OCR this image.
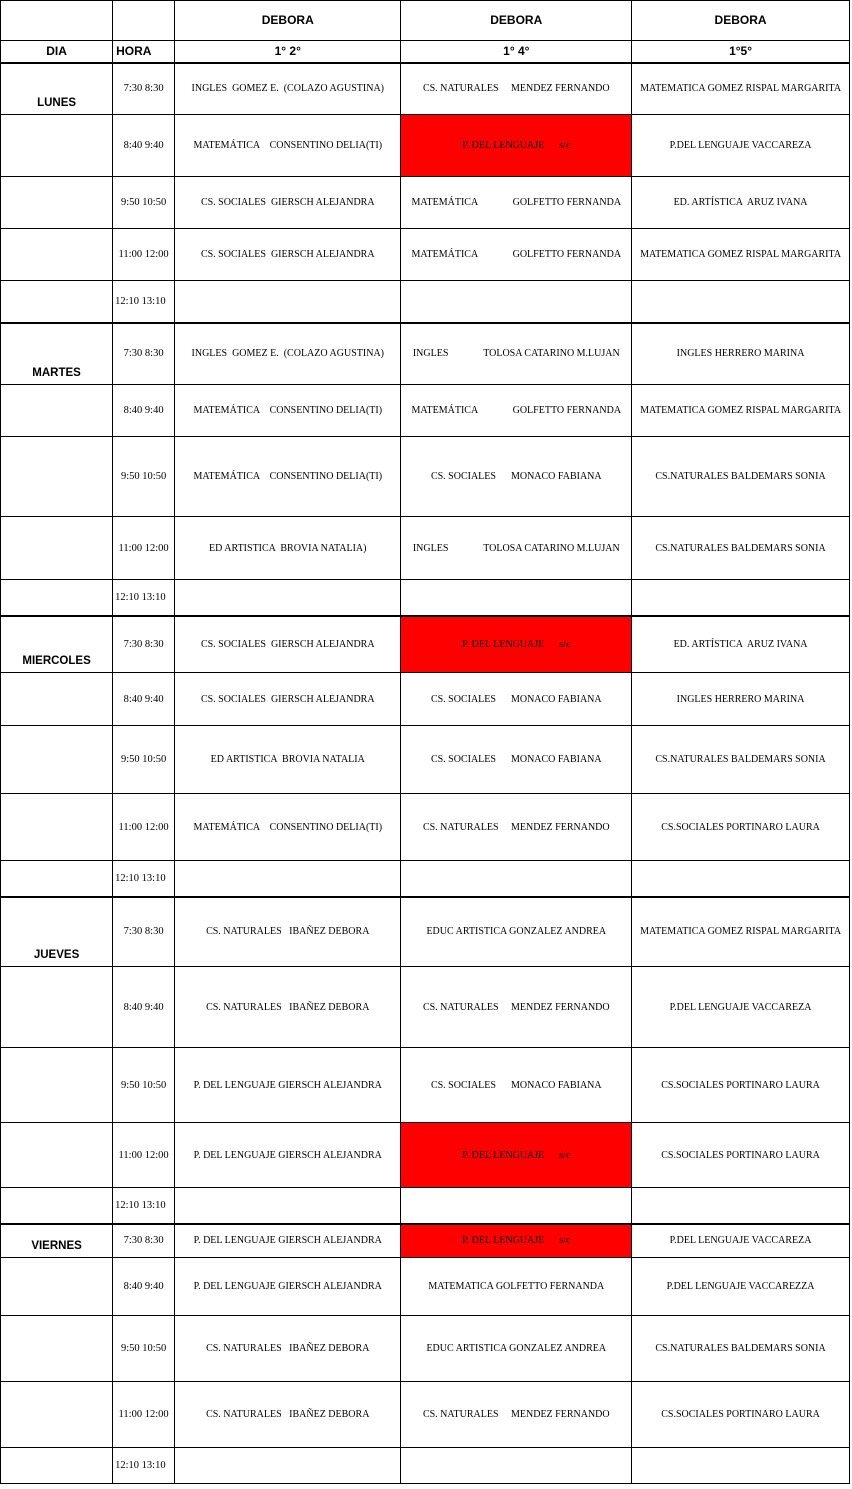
		DEBORA	DEBORA	DEBORA
DIA	HORA	1° 2°	1° 4°	1°5°
LUNES	7:30 8:30	INGLES  GOMEZ E.  (COLAZO AGUSTINA)	CS. NATURALES     MENDEZ FERNANDO	MATEMATICA GOMEZ RISPAL MARGARITA
	8:40 9:40	MATEMÁTICA    CONSENTINO DELIA(TI)	P. DEL LENGUAJE      s/c	P.DEL LENGUAJE VACCAREZA
	9:50 10:50	CS. SOCIALES  GIERSCH ALEJANDRA	MATEMÁTICA              GOLFETTO FERNANDA	ED. ARTÍSTICA  ARUZ IVANA
	11:00 12:00	CS. SOCIALES  GIERSCH ALEJANDRA	MATEMÁTICA              GOLFETTO FERNANDA	MATEMATICA GOMEZ RISPAL MARGARITA
	12:10 13:10			
MARTES	7:30 8:30	INGLES  GOMEZ E.  (COLAZO AGUSTINA)	INGLES              TOLOSA CATARINO M.LUJAN	INGLES HERRERO MARINA
	8:40 9:40	MATEMÁTICA    CONSENTINO DELIA(TI)	MATEMÁTICA              GOLFETTO FERNANDA	MATEMATICA GOMEZ RISPAL MARGARITA
	9:50 10:50	MATEMÁTICA    CONSENTINO DELIA(TI)	CS. SOCIALES      MONACO FABIANA	CS.NATURALES BALDEMARS SONIA
	11:00 12:00	ED ARTISTICA  BROVIA NATALIA)	INGLES              TOLOSA CATARINO M.LUJAN	CS.NATURALES BALDEMARS SONIA
	12:10 13:10			
MIERCOLES	7:30 8:30	CS. SOCIALES  GIERSCH ALEJANDRA	P. DEL LENGUAJE      s/c	ED. ARTÍSTICA  ARUZ IVANA
	8:40 9:40	CS. SOCIALES  GIERSCH ALEJANDRA	CS. SOCIALES      MONACO FABIANA	INGLES HERRERO MARINA
	9:50 10:50	ED ARTISTICA  BROVIA NATALIA	CS. SOCIALES      MONACO FABIANA	CS.NATURALES BALDEMARS SONIA
	11:00 12:00	MATEMÁTICA    CONSENTINO DELIA(TI)	CS. NATURALES     MENDEZ FERNANDO	CS.SOCIALES PORTINARO LAURA
	12:10 13:10			
JUEVES	7:30 8:30	CS. NATURALES   IBAÑEZ DEBORA	EDUC ARTISTICA GONZALEZ ANDREA	MATEMATICA GOMEZ RISPAL MARGARITA
	8:40 9:40	CS. NATURALES   IBAÑEZ DEBORA	CS. NATURALES     MENDEZ FERNANDO	P.DEL LENGUAJE VACCAREZA
	9:50 10:50	P. DEL LENGUAJE GIERSCH ALEJANDRA	CS. SOCIALES      MONACO FABIANA	CS.SOCIALES PORTINARO LAURA
	11:00 12:00	P. DEL LENGUAJE GIERSCH ALEJANDRA	P. DEL LENGUAJE      s/c	CS.SOCIALES PORTINARO LAURA
	12:10 13:10			
VIERNES	7:30 8:30	P. DEL LENGUAJE GIERSCH ALEJANDRA	P. DEL LENGUAJE      s/c	P.DEL LENGUAJE VACCAREZA
	8:40 9:40	P. DEL LENGUAJE GIERSCH ALEJANDRA	MATEMATICA GOLFETTO FERNANDA	P.DEL LENGUAJE VACCAREZZA
	9:50 10:50	CS. NATURALES   IBAÑEZ DEBORA	EDUC ARTISTICA GONZALEZ ANDREA	CS.NATURALES BALDEMARS SONIA
	11:00 12:00	CS. NATURALES   IBAÑEZ DEBORA	CS. NATURALES     MENDEZ FERNANDO	CS.SOCIALES PORTINARO LAURA
	12:10 13:10			
